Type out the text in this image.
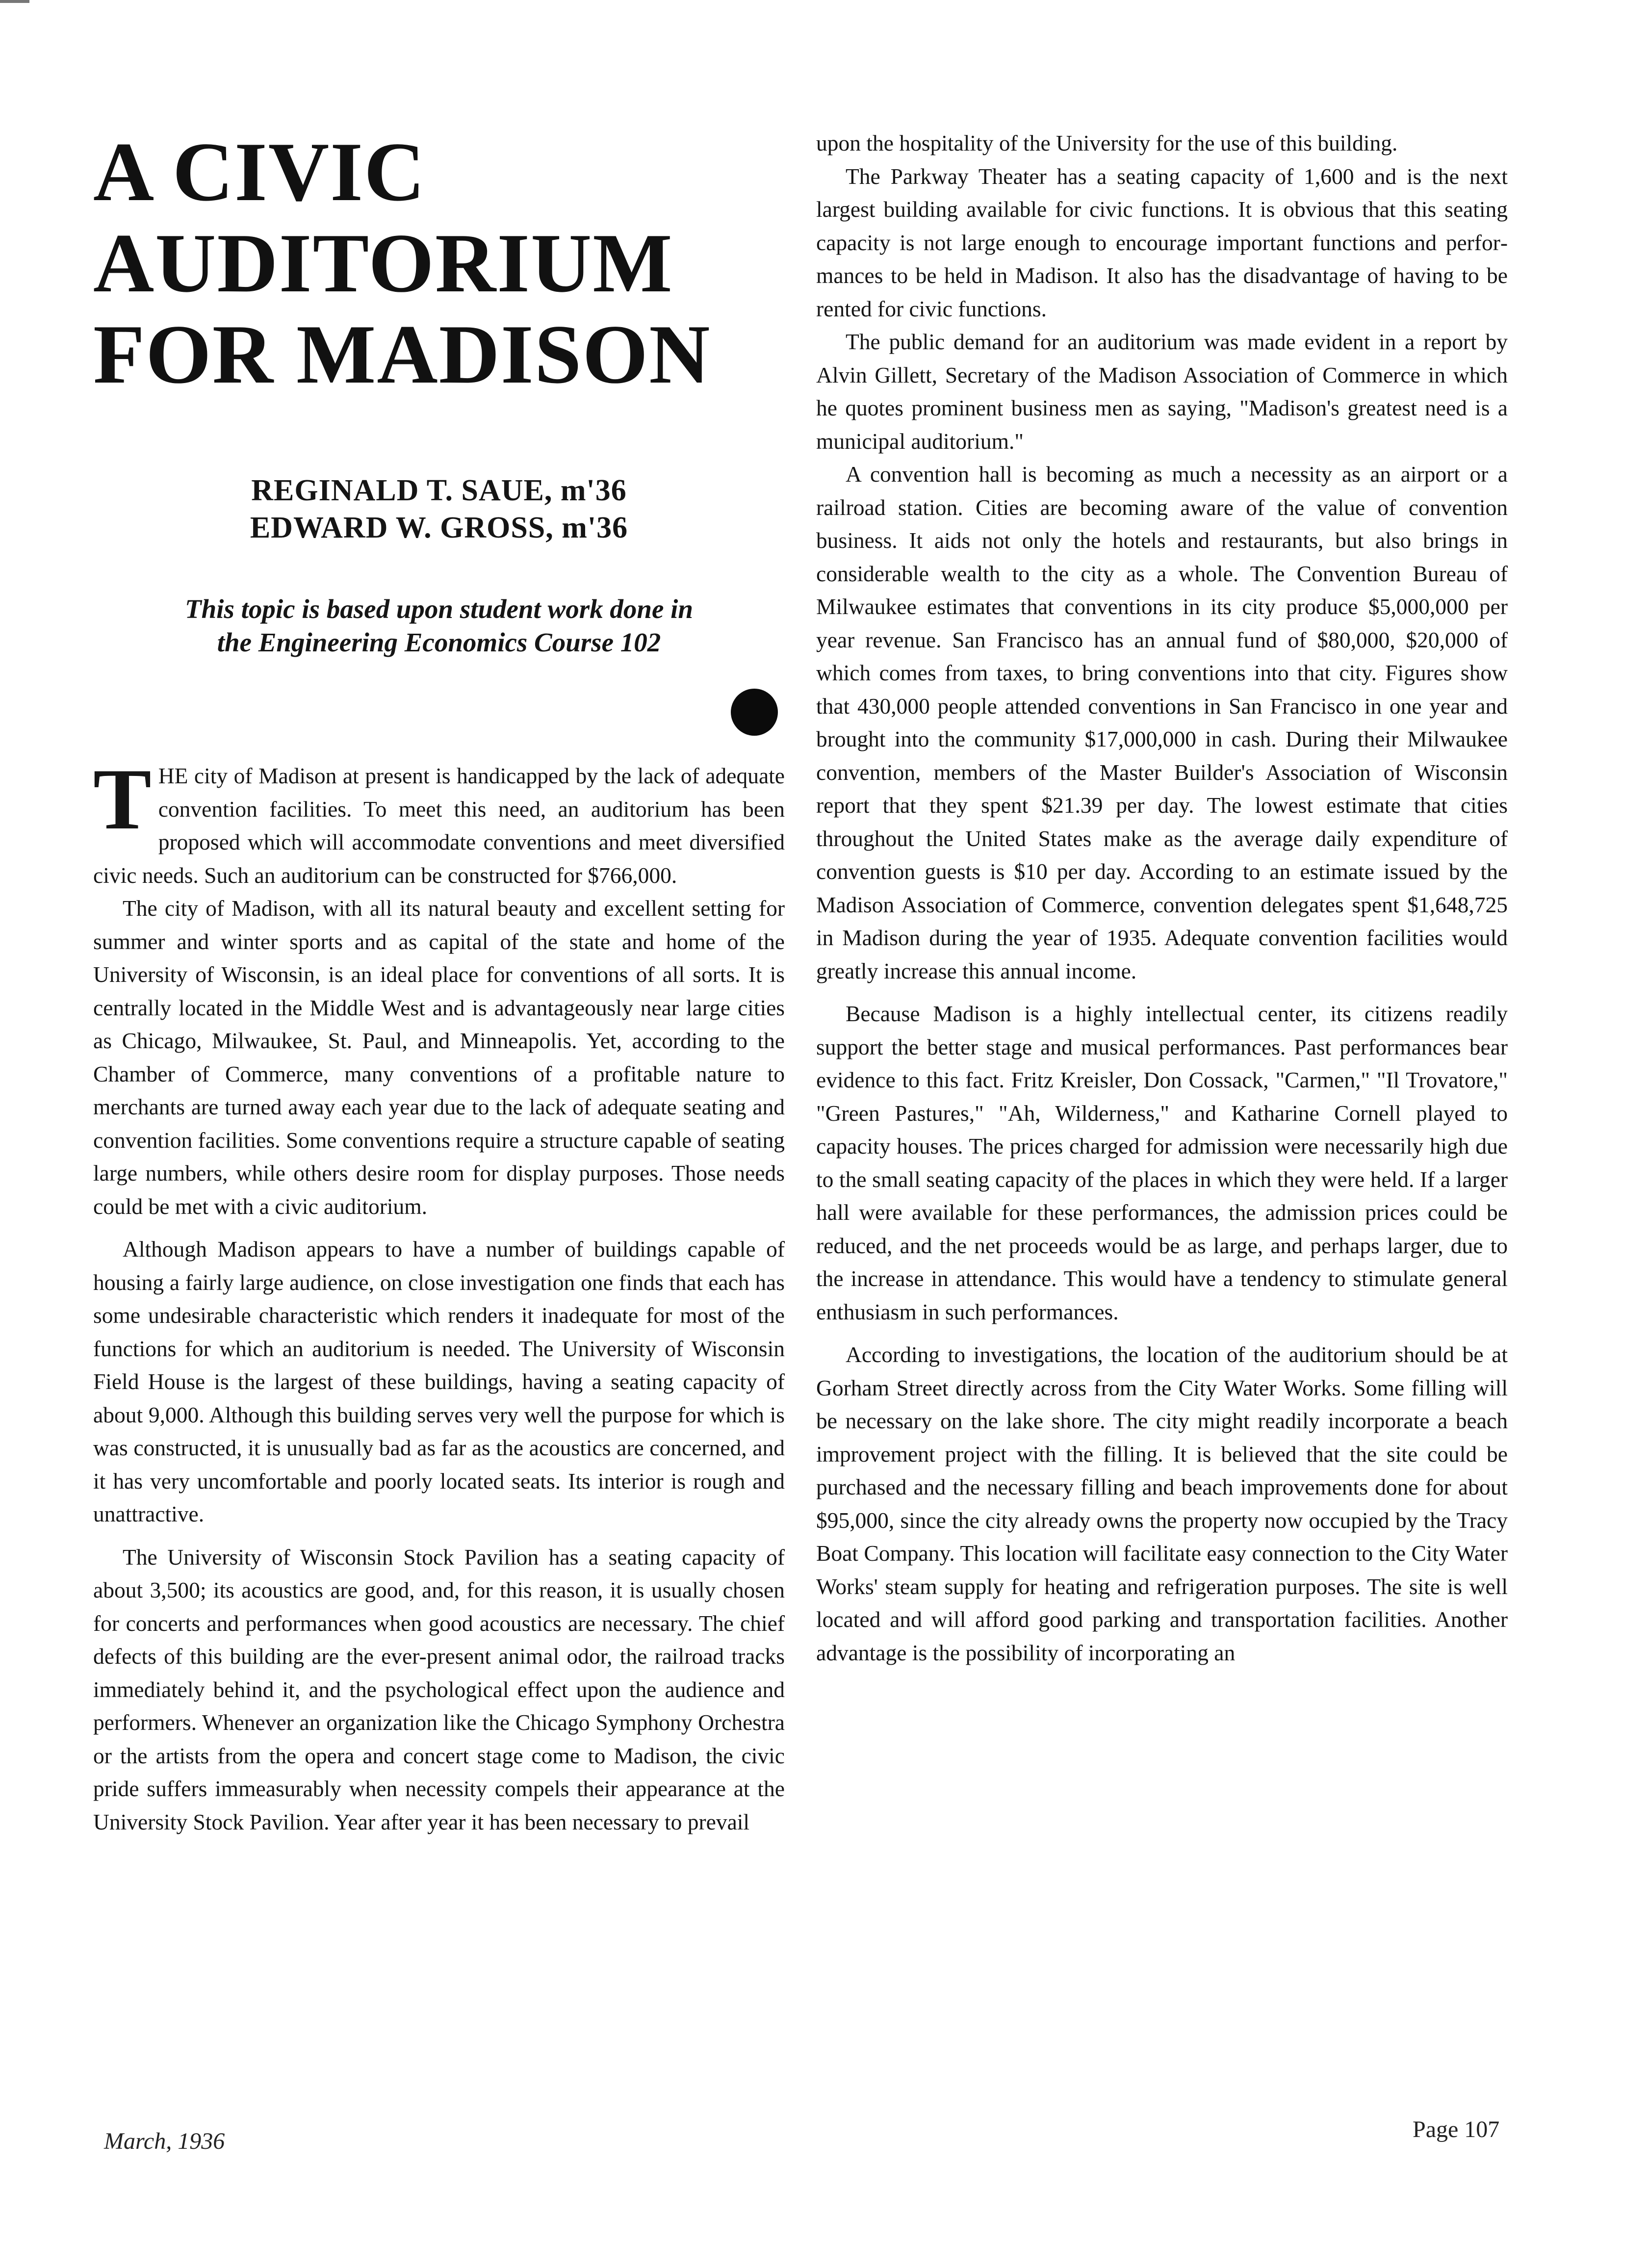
A CIVIC
AUDITORIUM
FOR MADISON
REGINALD T. SAUE, m'36
EDWARD W. GROSS, m'36
This topic is based upon student work done in
the Engineering Economics Course 102

THE city of Madison at present is handicapped by the lack of adequate convention facilities. To meet this need, an auditorium has been proposed which will accommodate conventions and meet diversified civic needs. Such an auditorium can be constructed for $766,000.

The city of Madison, with all its natural beauty and excellent setting for summer and winter sports and as capital of the state and home of the University of Wisconsin, is an ideal place for conventions of all sorts. It is centrally located in the Middle West and is advantageously near large cities as Chicago, Milwaukee, St. Paul, and Minneapolis. Yet, according to the Chamber of Commerce, many conventions of a profitable nature to merchants are turned away each year due to the lack of adequate seating and convention facilities. Some conventions require a structure capable of seating large numbers, while others desire room for display purposes. Those needs could be met with a civic auditorium.

Although Madison appears to have a number of buildings capable of housing a fairly large audience, on close investigation one finds that each has some undesirable characteristic which renders it inadequate for most of the functions for which an auditorium is needed. The University of Wisconsin Field House is the largest of these buildings, having a seating capacity of about 9,000. Although this building serves very well the purpose for which is was constructed, it is unusually bad as far as the acoustics are concerned, and it has very uncomfortable and poorly located seats. Its interior is rough and unattractive.

The University of Wisconsin Stock Pavilion has a seating capacity of about 3,500; its acoustics are good, and, for this reason, it is usually chosen for concerts and performances when good acoustics are necessary. The chief defects of this building are the ever-present animal odor, the railroad tracks immediately behind it, and the psychological effect upon the audience and performers. Whenever an organization like the Chicago Symphony Orchestra or the artists from the opera and concert stage come to Madison, the civic pride suffers immeasurably when necessity compels their appearance at the University Stock Pavilion. Year after year it has been necessary to prevail

upon the hospitality of the University for the use of this building.

The Parkway Theater has a seating capacity of 1,600 and is the next largest building available for civic functions. It is obvious that this seating capacity is not large enough to encourage important functions and performances to be held in Madison. It also has the disadvantage of having to be rented for civic functions.

The public demand for an auditorium was made evident in a report by Alvin Gillett, Secretary of the Madison Association of Commerce in which he quotes prominent business men as saying, "Madison's greatest need is a municipal auditorium."

A convention hall is becoming as much a necessity as an airport or a railroad station. Cities are becoming aware of the value of convention business. It aids not only the hotels and restaurants, but also brings in considerable wealth to the city as a whole. The Convention Bureau of Milwaukee estimates that conventions in its city produce $5,000,000 per year revenue. San Francisco has an annual fund of $80,000, $20,000 of which comes from taxes, to bring conventions into that city. Figures show that 430,000 people attended conventions in San Francisco in one year and brought into the community $17,000,000 in cash. During their Milwaukee convention, members of the Master Builder's Association of Wisconsin report that they spent $21.39 per day. The lowest estimate that cities throughout the United States make as the average daily expenditure of convention guests is $10 per day. According to an estimate issued by the Madison Association of Commerce, convention delegates spent $1,648,725 in Madison during the year of 1935. Adequate convention facilities would greatly increase this annual income.

Because Madison is a highly intellectual center, its citizens readily support the better stage and musical performances. Past performances bear evidence to this fact. Fritz Kreisler, Don Cossack, "Carmen," "Il Trovatore," "Green Pastures," "Ah, Wilderness," and Katharine Cornell played to capacity houses. The prices charged for admission were necessarily high due to the small seating capacity of the places in which they were held. If a larger hall were available for these performances, the admission prices could be reduced, and the net proceeds would be as large, and perhaps larger, due to the increase in attendance. This would have a tendency to stimulate general enthusiasm in such performances.

According to investigations, the location of the auditorium should be at Gorham Street directly across from the City Water Works. Some filling will be necessary on the lake shore. The city might readily incorporate a beach improvement project with the filling. It is believed that the site could be purchased and the necessary filling and beach improvements done for about $95,000, since the city already owns the property now occupied by the Tracy Boat Company. This location will facilitate easy connection to the City Water Works' steam supply for heating and refrigeration purposes. The site is well located and will afford good parking and transportation facilities. Another advantage is the possibility of incorporating an

March, 1936	Page 107
